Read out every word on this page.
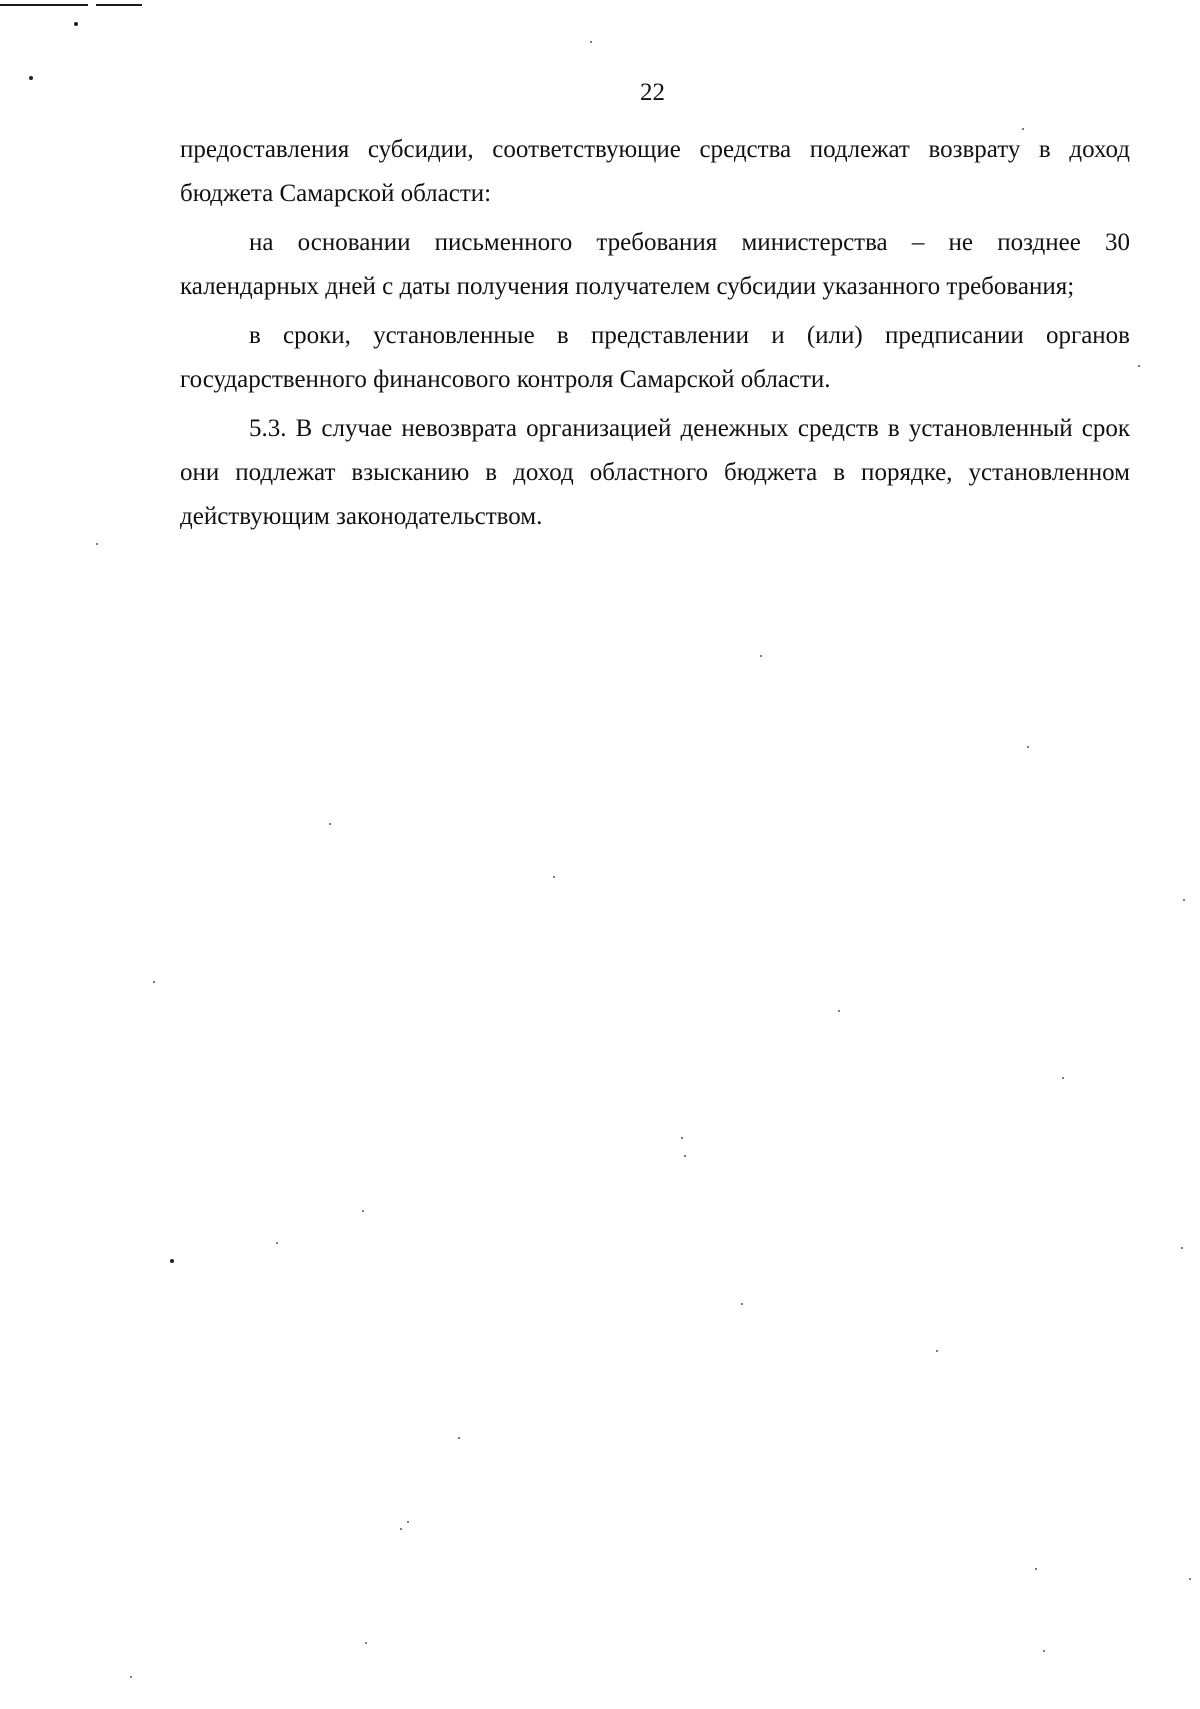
22

предоставления субсидии, соответствующие средства подлежат возврату в доход бюджета Самарской области:

на основании письменного требования министерства – не позднее 30 календарных дней с даты получения получателем субсидии указанного требования;

в сроки, установленные в представлении и (или) предписании органов государственного финансового контроля Самарской области.

5.3. В случае невозврата организацией денежных средств в установленный срок они подлежат взысканию в доход областного бюджета в порядке, установленном действующим законодательством.
